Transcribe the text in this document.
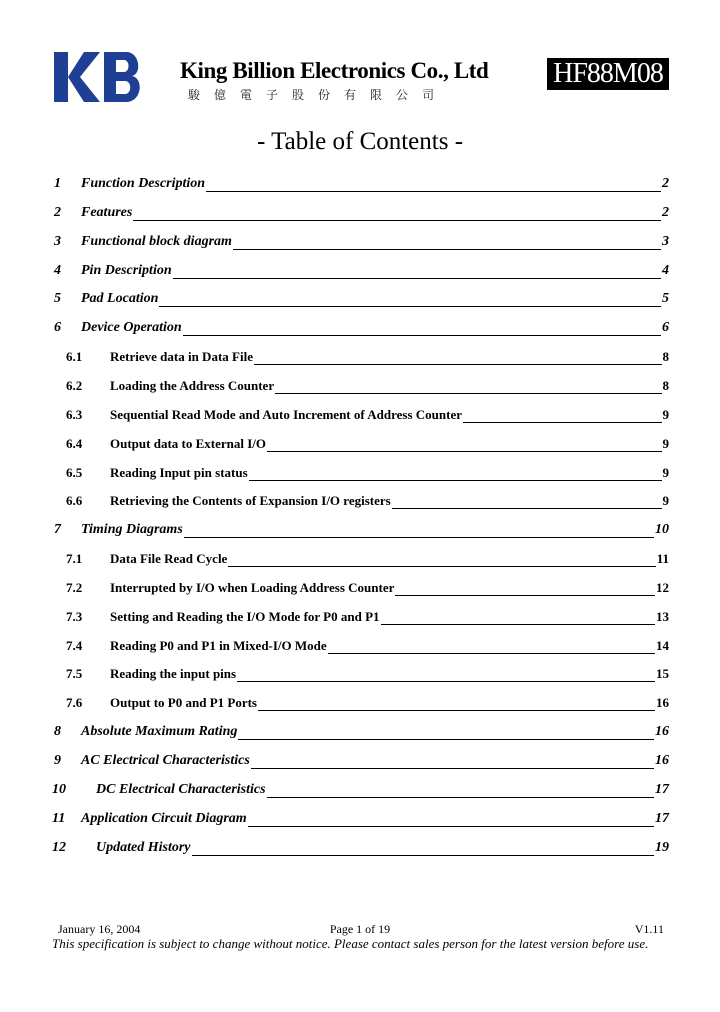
King Billion Electronics Co., Ltd
駿億電子股份有限公司
HF88M08
- Table of Contents -
1 Function Description	2
2 Features	2
3 Functional block diagram	3
4 Pin Description	4
5 Pad Location	5
6 Device Operation	6
6.1 Retrieve data in Data File	8
6.2 Loading the Address Counter	8
6.3 Sequential Read Mode and Auto Increment of Address Counter	9
6.4 Output data to External I/O	9
6.5 Reading Input pin status	9
6.6 Retrieving the Contents of Expansion I/O registers	9
7 Timing Diagrams	10
7.1 Data File Read Cycle	11
7.2 Interrupted by I/O when Loading Address Counter	12
7.3 Setting and Reading the I/O Mode for P0 and P1	13
7.4 Reading P0 and P1 in Mixed-I/O Mode	14
7.5 Reading the input pins	15
7.6 Output to P0 and P1 Ports	16
8 Absolute Maximum Rating	16
9 AC Electrical Characteristics	16
10 DC Electrical Characteristics	17
11 Application Circuit Diagram	17
12 Updated History	19
January 16, 2004	Page 1 of 19	V1.11
This specification is subject to change without notice. Please contact sales person for the latest version before use.
